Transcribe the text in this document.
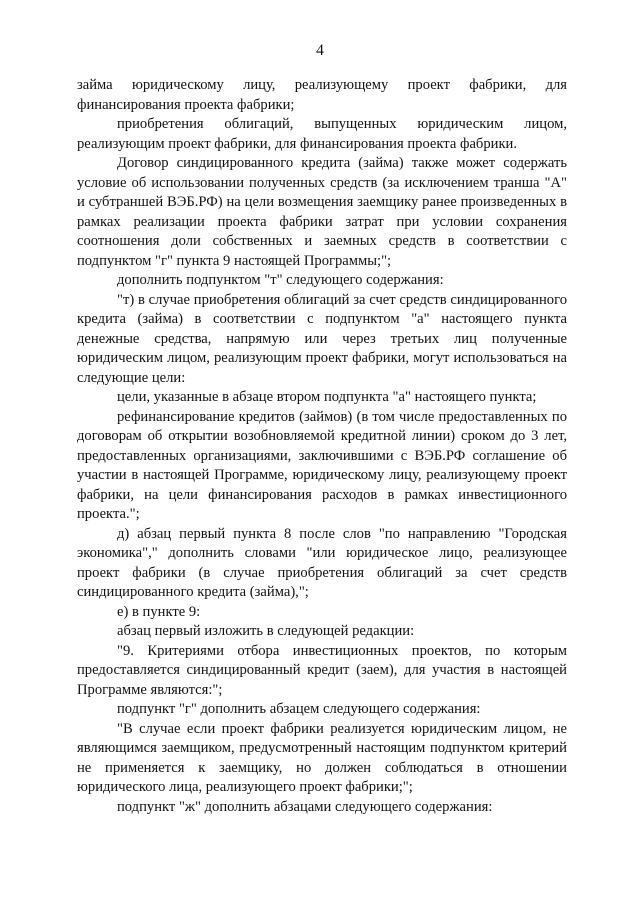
4

займа юридическому лицу, реализующему проект фабрики, для финансирования проекта фабрики;

приобретения облигаций, выпущенных юридическим лицом, реализующим проект фабрики, для финансирования проекта фабрики.

Договор синдицированного кредита (займа) также может содержать условие об использовании полученных средств (за исключением транша "А" и субтраншей ВЭБ.РФ) на цели возмещения заемщику ранее произведенных в рамках реализации проекта фабрики затрат при условии сохранения соотношения доли собственных и заемных средств в соответствии с подпунктом "г" пункта 9 настоящей Программы;";

дополнить подпунктом "т" следующего содержания:

"т) в случае приобретения облигаций за счет средств синдицированного кредита (займа) в соответствии с подпунктом "а" настоящего пункта денежные средства, напрямую или через третьих лиц полученные юридическим лицом, реализующим проект фабрики, могут использоваться на следующие цели:

цели, указанные в абзаце втором подпункта "а" настоящего пункта;

рефинансирование кредитов (займов) (в том числе предоставленных по договорам об открытии возобновляемой кредитной линии) сроком до 3 лет, предоставленных организациями, заключившими с ВЭБ.РФ соглашение об участии в настоящей Программе, юридическому лицу, реализующему проект фабрики, на цели финансирования расходов в рамках инвестиционного проекта.";

д) абзац первый пункта 8 после слов "по направлению "Городская экономика"," дополнить словами "или юридическое лицо, реализующее проект фабрики (в случае приобретения облигаций за счет средств синдицированного кредита (займа),";

е) в пункте 9:

абзац первый изложить в следующей редакции:

"9. Критериями отбора инвестиционных проектов, по которым предоставляется синдицированный кредит (заем), для участия в настоящей Программе являются:";

подпункт "г" дополнить абзацем следующего содержания:

"В случае если проект фабрики реализуется юридическим лицом, не являющимся заемщиком, предусмотренный настоящим подпунктом критерий не применяется к заемщику, но должен соблюдаться в отношении юридического лица, реализующего проект фабрики;";

подпункт "ж" дополнить абзацами следующего содержания:
